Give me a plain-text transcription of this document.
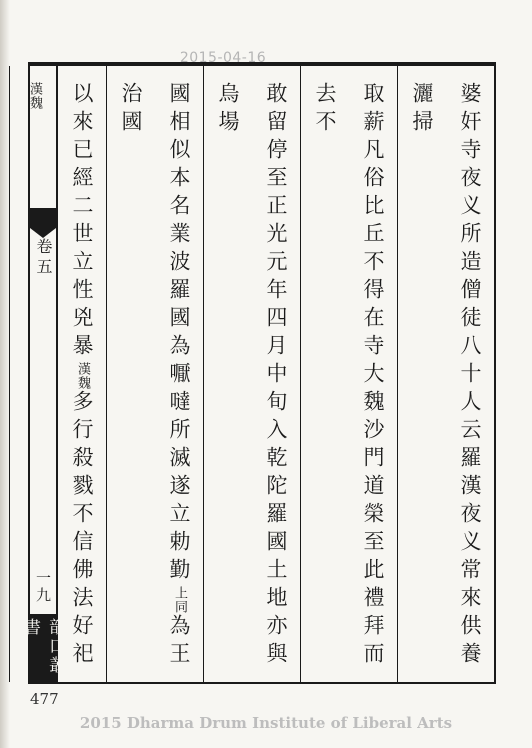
2015-04-16
卷五
一九
戠口叢書	婆奸寺夜义所造僧徒八十人云羅漢夜义常來供養灑掃
取薪凡俗比丘不得在寺大魏沙門道榮至此禮拜而去不
敢留停至正光元年四月中旬入乾陀羅國土地亦與烏場
國相似本名業波羅國為嚈噠所滅遂立勅勤上同為王治國
以來已經二世立性兇暴漢魏多行殺戮不信佛法好祀漢魏
477
2015 Dharma Drum Institute of Liberal Arts
